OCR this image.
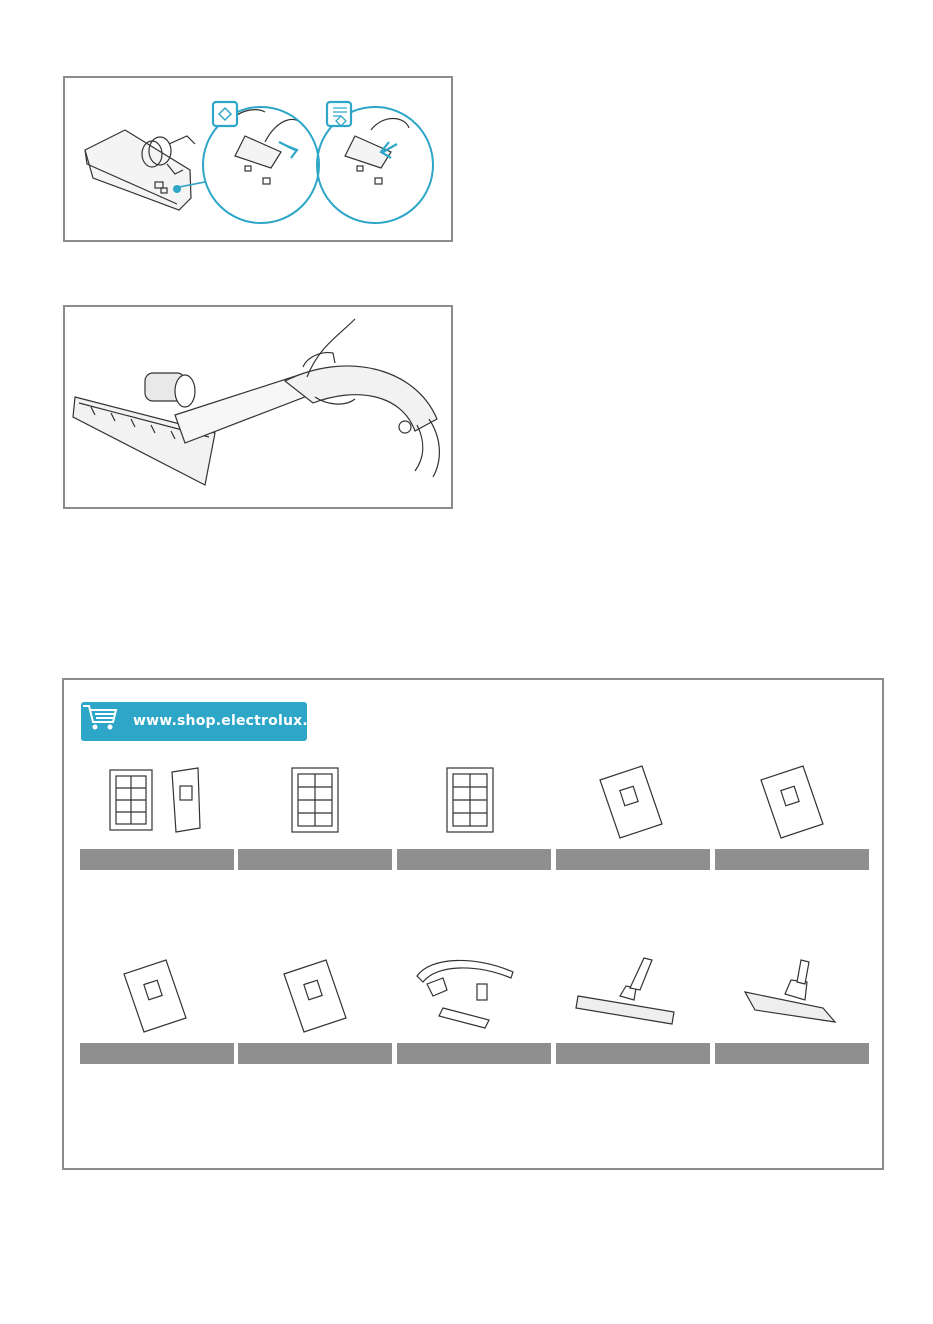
www.shop.electrolux.com
